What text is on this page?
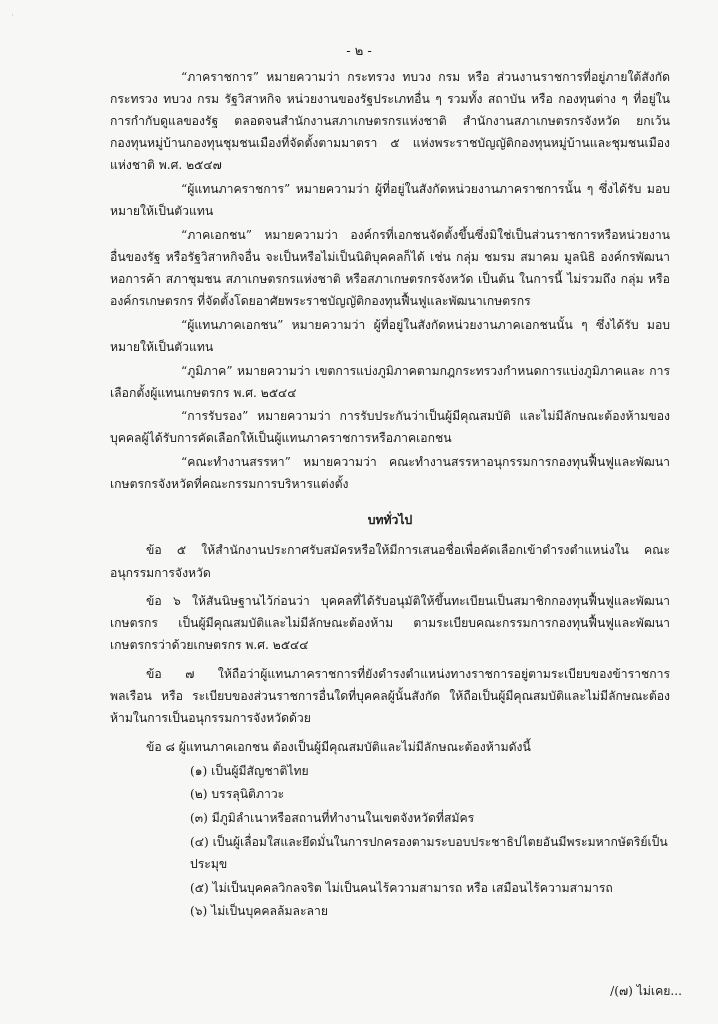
˙
- ๒ -

“ภาคราชการ” หมายความว่า กระทรวง ทบวง กรม หรือ ส่วนงานราชการที่อยู่ภายใต้สังกัด กระทรวง ทบวง กรม รัฐวิสาหกิจ หน่วยงานของรัฐประเภทอื่น ๆ รวมทั้ง สถาบัน หรือ กองทุนต่าง ๆ ที่อยู่ในการกำกับดูแลของรัฐ ตลอดจนสำนักงานสภาเกษตรกรแห่งชาติ สำนักงานสภาเกษตรกรจังหวัด ยกเว้น กองทุนหมู่บ้านกองทุนชุมชนเมืองที่จัดตั้งตามมาตรา ๕ แห่งพระราชบัญญัติกองทุนหมู่บ้านและชุมชนเมืองแห่งชาติ พ.ศ. ๒๕๔๗

“ผู้แทนภาคราชการ” หมายความว่า ผู้ที่อยู่ในสังกัดหน่วยงานภาคราชการนั้น ๆ ซึ่งได้รับ มอบหมายให้เป็นตัวแทน

“ภาคเอกชน” หมายความว่า องค์กรที่เอกชนจัดตั้งขึ้นซึ่งมิใช่เป็นส่วนราชการหรือหน่วยงาน อื่นของรัฐ หรือรัฐวิสาหกิจอื่น จะเป็นหรือไม่เป็นนิติบุคคลก็ได้ เช่น กลุ่ม ชมรม สมาคม มูลนิธิ องค์กรพัฒนาหอการค้า สภาชุมชน สภาเกษตรกรแห่งชาติ หรือสภาเกษตรกรจังหวัด เป็นต้น ในการนี้ ไม่รวมถึง กลุ่ม หรือองค์กรเกษตรกร ที่จัดตั้งโดยอาศัยพระราชบัญญัติกองทุนฟื้นฟูและพัฒนาเกษตรกร

“ผู้แทนภาคเอกชน” หมายความว่า ผู้ที่อยู่ในสังกัดหน่วยงานภาคเอกชนนั้น ๆ ซึ่งได้รับ มอบหมายให้เป็นตัวแทน

“ภูมิภาค” หมายความว่า เขตการแบ่งภูมิภาคตามกฎกระทรวงกำหนดการแบ่งภูมิภาคและ การเลือกตั้งผู้แทนเกษตรกร พ.ศ. ๒๕๔๔

“การรับรอง” หมายความว่า การรับประกันว่าเป็นผู้มีคุณสมบัติ และไม่มีลักษณะต้องห้ามของ บุคคลผู้ได้รับการคัดเลือกให้เป็นผู้แทนภาคราชการหรือภาคเอกชน

“คณะทำงานสรรหา” หมายความว่า คณะทำงานสรรหาอนุกรรมการกองทุนฟื้นฟูและพัฒนา เกษตรกรจังหวัดที่คณะกรรมการบริหารแต่งตั้ง

บททั่วไป

ข้อ ๕ ให้สำนักงานประกาศรับสมัครหรือให้มีการเสนอชื่อเพื่อคัดเลือกเข้าดำรงตำแหน่งใน คณะอนุกรรมการจังหวัด

ข้อ ๖ ให้สันนิษฐานไว้ก่อนว่า บุคคลที่ได้รับอนุมัติให้ขึ้นทะเบียนเป็นสมาชิกกองทุนฟื้นฟูและพัฒนา เกษตรกร เป็นผู้มีคุณสมบัติและไม่มีลักษณะต้องห้าม ตามระเบียบคณะกรรมการกองทุนฟื้นฟูและพัฒนาเกษตรกรว่าด้วยเกษตรกร พ.ศ. ๒๕๔๔

ข้อ ๗ ให้ถือว่าผู้แทนภาคราชการที่ยังดำรงตำแหน่งทางราชการอยู่ตามระเบียบของข้าราชการพลเรือน หรือ ระเบียบของส่วนราชการอื่นใดที่บุคคลผู้นั้นสังกัด ให้ถือเป็นผู้มีคุณสมบัติและไม่มีลักษณะต้องห้ามในการเป็นอนุกรรมการจังหวัดด้วย

ข้อ ๘ ผู้แทนภาคเอกชน ต้องเป็นผู้มีคุณสมบัติและไม่มีลักษณะต้องห้ามดังนี้

(๑) เป็นผู้มีสัญชาติไทย

(๒) บรรลุนิติภาวะ

(๓) มีภูมิลำเนาหรือสถานที่ทำงานในเขตจังหวัดที่สมัคร

(๔) เป็นผู้เลื่อมใสและยึดมั่นในการปกครองตามระบอบประชาธิปไตยอันมีพระมหากษัตริย์เป็นประมุข

(๕) ไม่เป็นบุคคลวิกลจริต ไม่เป็นคนไร้ความสามารถ หรือ เสมือนไร้ความสามารถ

(๖) ไม่เป็นบุคคลล้มละลาย

/(๗) ไม่เคย...
